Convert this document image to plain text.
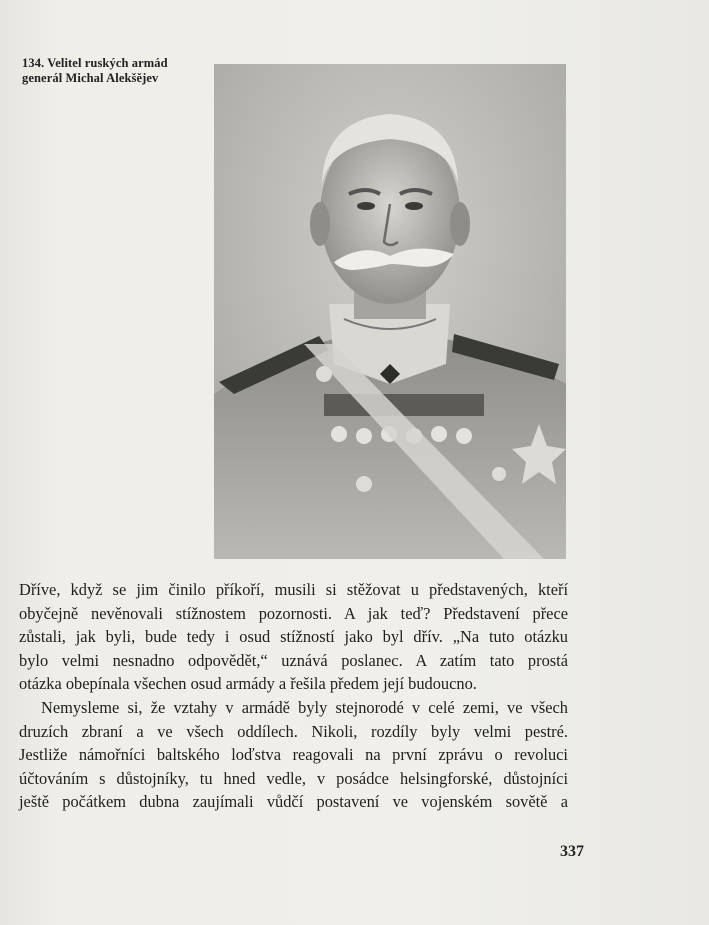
134. Velitel ruských armád
generál Michal Alekšějev

Dříve, když se jim činilo příkoří, musili si stěžovat u představených, kteří
obyčejně nevěnovali stížnostem pozornosti. A jak teď? Představení přece
zůstali, jak byli, bude tedy i osud stížností jako byl dřív. „Na tuto otázku
bylo velmi nesnadno odpovědět,“ uznává poslanec. A zatím tato prostá
otázka obepínala všechen osud armády a řešila předem její budoucno.

Nemysleme si, že vztahy v armádě byly stejnorodé v celé zemi, ve všech
druzích zbraní a ve všech oddílech. Nikoli, rozdíly byly velmi pestré.
Jestliže námořníci baltského loďstva reagovali na první zprávu o revoluci
účtováním s důstojníky, tu hned vedle, v posádce helsingforské, důstojníci
ještě počátkem dubna zaujímali vůdčí postavení ve vojenském sovětě a

337
